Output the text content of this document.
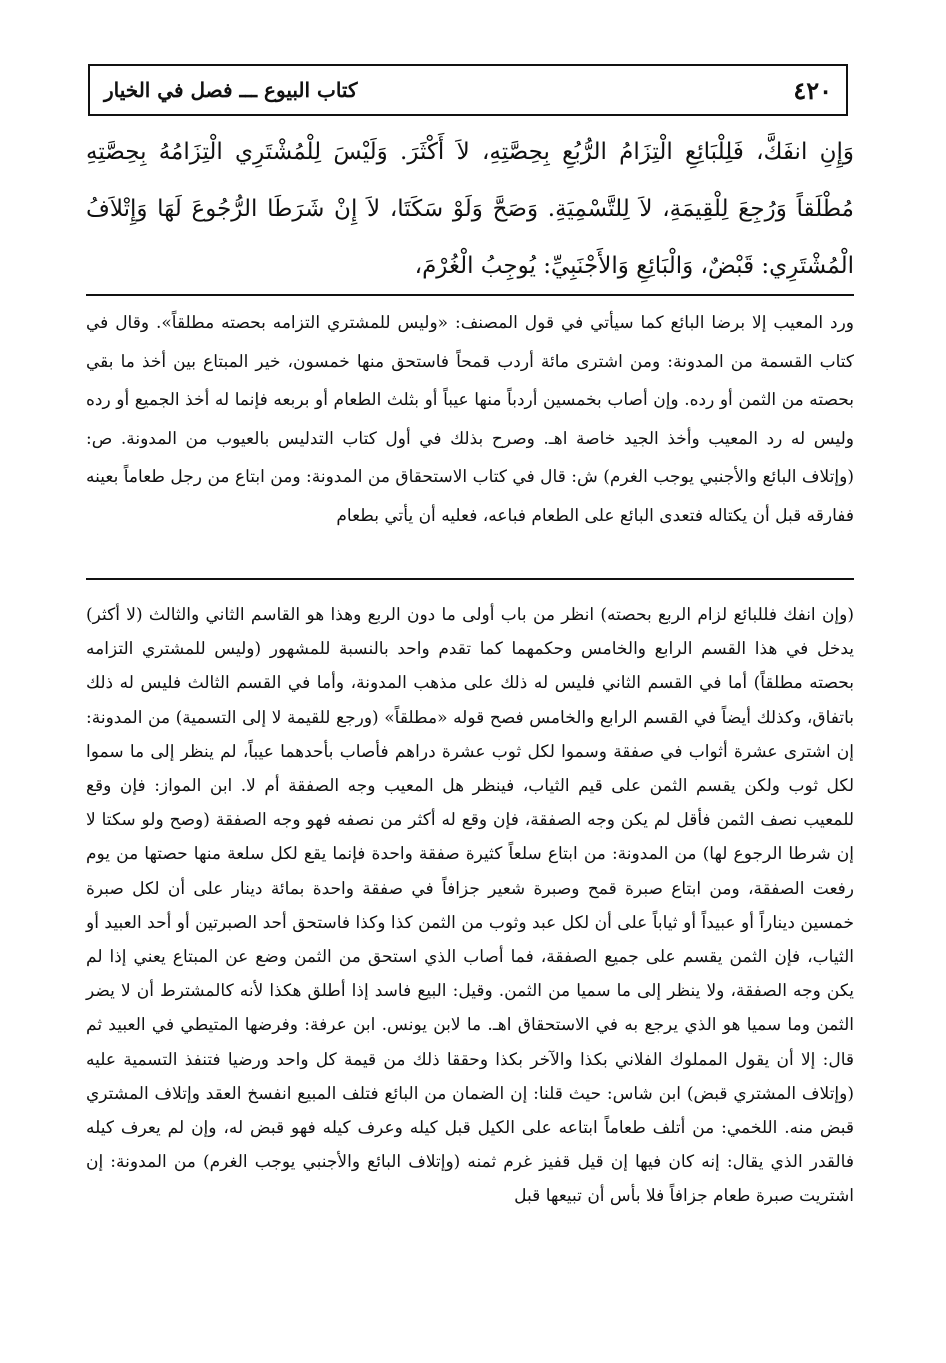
٤٢٠
كتاب البيوع ـــ فصل في الخيار

وَإِنِ انفَكَّ، فَلِلْبَائِعِ الْتِزَامُ الرُّبُعِ بِحِصَّتِهِ، لاَ أَكْثَرَ. وَلَيْسَ لِلْمُشْتَرِي الْتِزَامُهُ بِحِصَّتِهِ مُطْلَقاً وَرُجِعَ لِلْقِيمَةِ، لاَ لِلتَّسْمِيَةِ. وَصَحَّ وَلَوْ سَكَتَا، لاَ إِنْ شَرَطَا الرُّجُوعَ لَهَا وَإِتْلاَفُ الْمُشْتَرِي: قَبْضٌ، وَالْبَائِعِ وَالأَجْنَبِيِّ: يُوجِبُ الْغُرْمَ،

ورد المعيب إلا برضا البائع كما سيأتي في قول المصنف: «وليس للمشتري التزامه بحصته مطلقاً». وقال في كتاب القسمة من المدونة: ومن اشترى مائة أردب قمحاً فاستحق منها خمسون، خير المبتاع بين أخذ ما بقي بحصته من الثمن أو رده. وإن أصاب بخمسين أردباً منها عيباً أو بثلث الطعام أو بربعه فإنما له أخذ الجميع أو رده وليس له رد المعيب وأخذ الجيد خاصة اهـ. وصرح بذلك في أول كتاب التدليس بالعيوب من المدونة. ص: (وإتلاف البائع والأجنبي يوجب الغرم) ش: قال في كتاب الاستحقاق من المدونة: ومن ابتاع من رجل طعاماً بعينه ففارقه قبل أن يكتاله فتعدى البائع على الطعام فباعه، فعليه أن يأتي بطعام

(وإن انفك فللبائع لزام الربع بحصته) انظر من باب أولى ما دون الربع وهذا هو القاسم الثاني والثالث (لا أكثر) يدخل في هذا القسم الرابع والخامس وحكمهما كما تقدم واحد بالنسبة للمشهور (وليس للمشتري التزامه بحصته مطلقاً) أما في القسم الثاني فليس له ذلك على مذهب المدونة، وأما في القسم الثالث فليس له ذلك باتفاق، وكذلك أيضاً في القسم الرابع والخامس فصح قوله «مطلقاً» (ورجع للقيمة لا إلى التسمية) من المدونة: إن اشترى عشرة أثواب في صفقة وسموا لكل ثوب عشرة دراهم فأصاب بأحدهما عيباً، لم ينظر إلى ما سموا لكل ثوب ولكن يقسم الثمن على قيم الثياب، فينظر هل المعيب وجه الصفقة أم لا. ابن المواز: فإن وقع للمعيب نصف الثمن فأقل لم يكن وجه الصفقة، فإن وقع له أكثر من نصفه فهو وجه الصفقة (وصح ولو سكتا لا إن شرطا الرجوع لها) من المدونة: من ابتاع سلعاً كثيرة صفقة واحدة فإنما يقع لكل سلعة منها حصتها من يوم رفعت الصفقة، ومن ابتاع صبرة قمح وصبرة شعير جزافاً في صفقة واحدة بمائة دينار على أن لكل صبرة خمسين ديناراً أو عبيداً أو ثياباً على أن لكل عبد وثوب من الثمن كذا وكذا فاستحق أحد الصبرتين أو أحد العبيد أو الثياب، فإن الثمن يقسم على جميع الصفقة، فما أصاب الذي استحق من الثمن وضع عن المبتاع يعني إذا لم يكن وجه الصفقة، ولا ينظر إلى ما سميا من الثمن. وقيل: البيع فاسد إذا أطلق هكذا لأنه كالمشترط أن لا يضر الثمن وما سميا هو الذي يرجع به في الاستحقاق اهـ. ما لابن يونس. ابن عرفة: وفرضها المتيطي في العبيد ثم قال: إلا أن يقول المملوك الفلاني بكذا والآخر بكذا وحققا ذلك من قيمة كل واحد ورضيا فتنفذ التسمية عليه (وإتلاف المشتري قبض) ابن شاس: حيث قلنا: إن الضمان من البائع فتلف المبيع انفسخ العقد وإتلاف المشتري قبض منه. اللخمي: من أتلف طعاماً ابتاعه على الكيل قبل كيله وعرف كيله فهو قبض له، وإن لم يعرف كيله فالقدر الذي يقال: إنه كان فيها إن قيل قفيز غرم ثمنه (وإتلاف البائع والأجنبي يوجب الغرم) من المدونة: إن اشتريت صبرة طعام جزافاً فلا بأس أن تبيعها قبل
